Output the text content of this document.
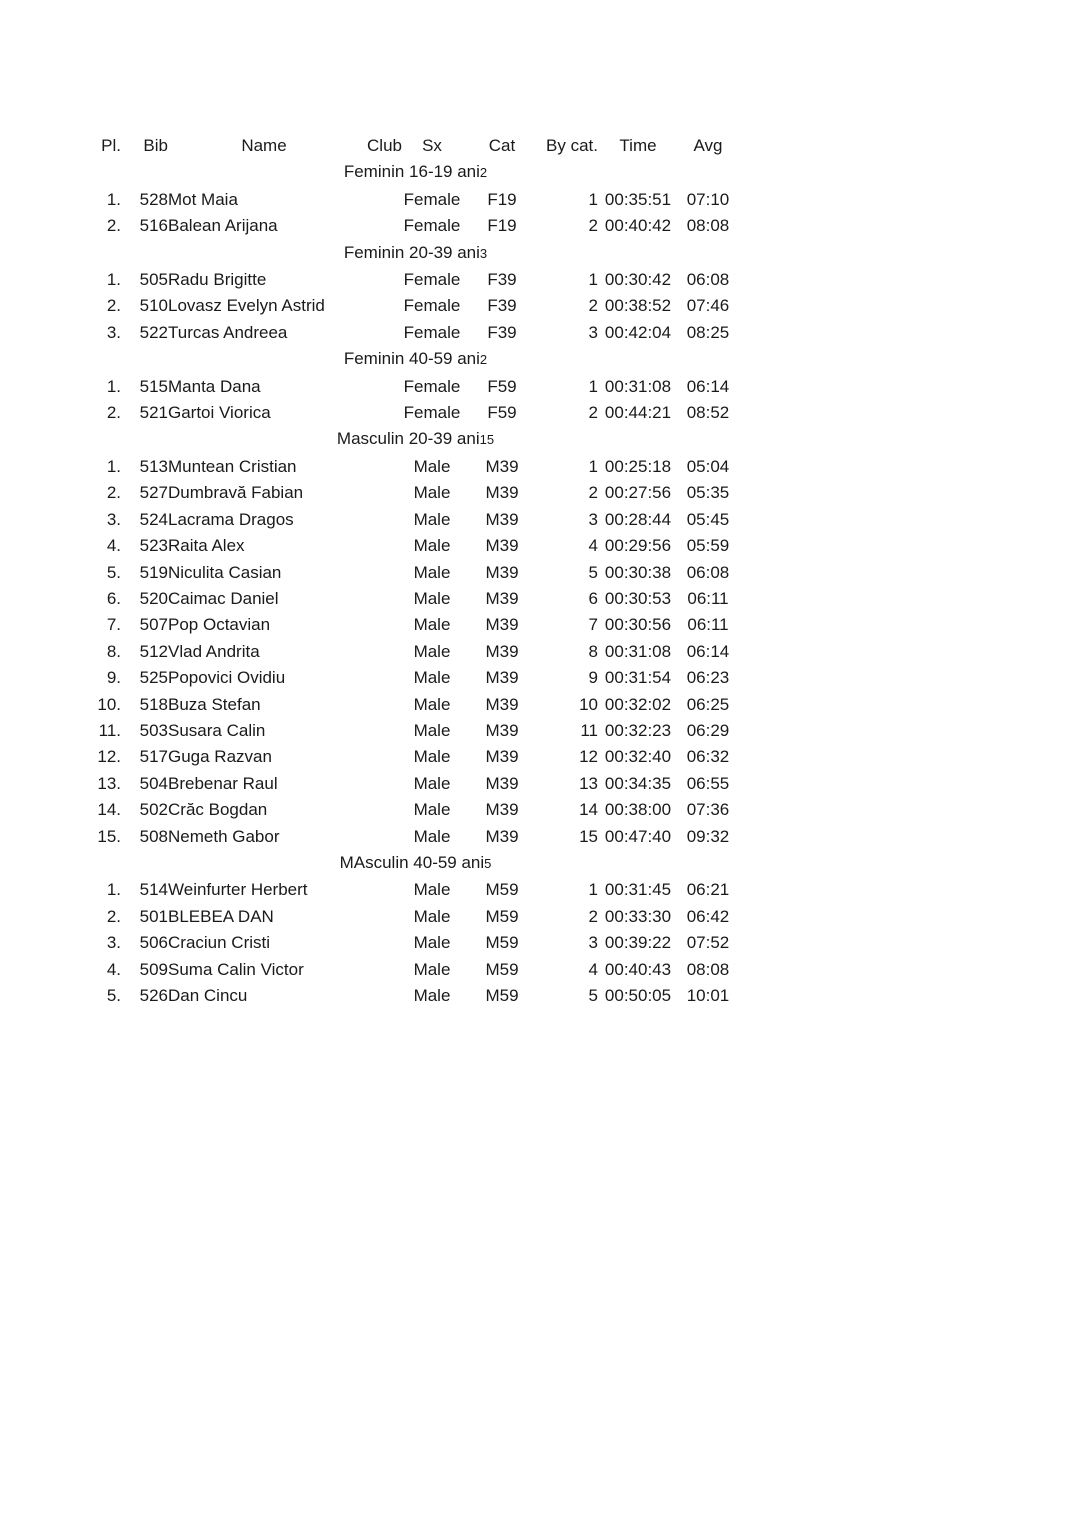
Pl.	Bib	Name	Club	Sx	Cat	By cat.	Time	Avg
Feminin 16-19 ani2								
1.	528	Mot Maia		Female	F19	1	00:35:51	07:10
2.	516	Balean Arijana		Female	F19	2	00:40:42	08:08
Feminin 20-39 ani3								
1.	505	Radu Brigitte		Female	F39	1	00:30:42	06:08
2.	510	Lovasz Evelyn Astrid		Female	F39	2	00:38:52	07:46
3.	522	Turcas Andreea		Female	F39	3	00:42:04	08:25
Feminin 40-59 ani2								
1.	515	Manta Dana		Female	F59	1	00:31:08	06:14
2.	521	Gartoi Viorica		Female	F59	2	00:44:21	08:52
Masculin 20-39 ani15								
1.	513	Muntean Cristian		Male	M39	1	00:25:18	05:04
2.	527	Dumbravă Fabian		Male	M39	2	00:27:56	05:35
3.	524	Lacrama Dragos		Male	M39	3	00:28:44	05:45
4.	523	Raita Alex		Male	M39	4	00:29:56	05:59
5.	519	Niculita Casian		Male	M39	5	00:30:38	06:08
6.	520	Caimac Daniel		Male	M39	6	00:30:53	06:11
7.	507	Pop Octavian		Male	M39	7	00:30:56	06:11
8.	512	Vlad Andrita		Male	M39	8	00:31:08	06:14
9.	525	Popovici Ovidiu		Male	M39	9	00:31:54	06:23
10.	518	Buza Stefan		Male	M39	10	00:32:02	06:25
11.	503	Susara Calin		Male	M39	11	00:32:23	06:29
12.	517	Guga Razvan		Male	M39	12	00:32:40	06:32
13.	504	Brebenar Raul		Male	M39	13	00:34:35	06:55
14.	502	Crăc Bogdan		Male	M39	14	00:38:00	07:36
15.	508	Nemeth Gabor		Male	M39	15	00:47:40	09:32
MAsculin 40-59 ani5								
1.	514	Weinfurter Herbert		Male	M59	1	00:31:45	06:21
2.	501	BLEBEA DAN		Male	M59	2	00:33:30	06:42
3.	506	Craciun Cristi		Male	M59	3	00:39:22	07:52
4.	509	Suma Calin Victor		Male	M59	4	00:40:43	08:08
5.	526	Dan Cincu		Male	M59	5	00:50:05	10:01
